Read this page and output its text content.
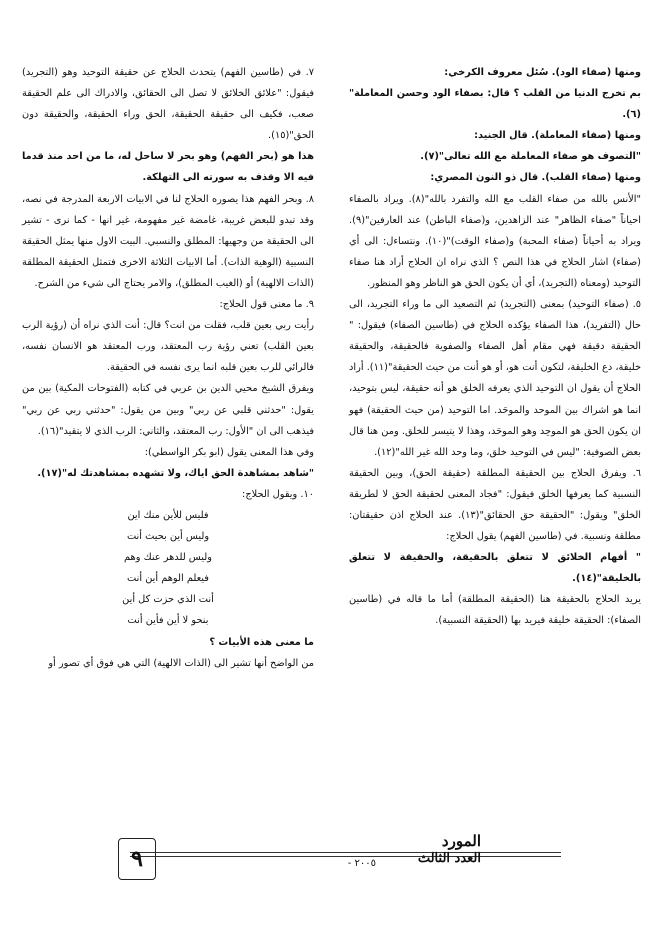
ومنها (صفاء الود). سُئل معروف الكرخي:

بم تخرج الدنيا من القلب ؟ قال: بصفاء الود وحسن المعاملة"(٦).

ومنها (صفاء المعاملة). قال الجنيد:

"التصوف هو صفاء المعاملة مع الله تعالى"(٧).

ومنها (صفاء القلب). قال ذو النون المصري:

"الأنس بالله من صفاء القلب مع الله والتفرد بالله"(٨). ويراد بالصفاء احياناً "صفاء الظاهر" عند الزاهدين، و(صفاء الباطن) عند العارفين"(٩). ويراد به أحياناً (صفاء المحبة) و(صفاء الوقت)"(١٠). ونتساءل: الى أي (صفاء) اشار الحلاج في هذا النص ؟ الذي نراه ان الحلاج أراد هنا صفاء التوحيد (ومعناه (التجريد)، أي أن يكون الحق هو الناظر وهو المنظور.

٥. (صفاء التوحيد) بمعنى (التجريد) ثم التصعيد الى ما وراء التجريد، الى حال (التفريد)، هذا الصفاء يؤكده الحلاج في (طاسين الصفاء) فيقول: " الحقيقة دقيقة فهي مقام أهل الصفاء والصفوية فالحقيقة، والحقيقة خليقة، دع الخليقة، لتكون أنت هو، أو هو أنت من حيث الحقيقة"(١١). أراد الحلاج أن يقول ان التوحيد الذي يعرفه الخلق هو أنه حقيقة، ليس بتوحيد، انما هو اشراك بين الموحد والموحَد. اما التوحيد (من حيث الحقيقة) فهو ان يكون الحق هو الموحِد وهو الموحَد، وهذا لا يتيسر للخلق. ومن هنا قال بعض الصوفية: "ليس في التوحيد خلق، وما وحد الله غير الله"(١٢).

٦. ويفرق الحلاج بين الحقيقة المطلقة (حقيقة الحق)، وبين الحقيقة النسبية كما يعرفها الخلق فيقول: "فجاد المعنى لحقيقة الحق لا لطريقة الخلق" ويقول: "الحقيقة حق الحقائق"(١٣). عند الحلاج اذن حقيقتان: مطلقة ونسبية. في (طاسين الفهم) يقول الحلاج:

" أفهام الخلائق لا تتعلق بالحقيقة، والحقيقة لا تتعلق بالخليقة"(١٤).

يريد الحلاج بالحقيقة هنا (الحقيقة المطلقة) أما ما قاله في (طاسين الصفاء): الحقيقة خليقة فيريد بها (الحقيقة النسبية).

٧. في (طاسين الفهم) يتحدث الحلاج عن حقيقة التوحيد وهو (التجريد) فيقول: "علائق الخلائق لا تصل الى الحقائق، والادراك الى علم الحقيقة صعب، فكيف الى حقيقة الحقيقة، الحق وراء الحقيقة، والحقيقة دون الحق"(١٥).

هذا هو (بحر الفهم) وهو بحر لا ساحل له، ما من احد منذ قدما فيه الا وقذف به سورته الى التهلكة.

٨. وبحر الفهم هذا يصوره الحلاج لنا في الابيات الاربعة المدرجة في نصه، وقد تبدو للبعض غريبة، غامضة غير مفهومة، غير انها - كما نرى - تشير الى الحقيقة من وجهيها: المطلق والنسبي. البيت الاول منها يمثل الحقيقة النسبية (الوهية الذات). أما الابيات الثلاثة الاخرى فتمثل الحقيقة المطلقة (الذات الالهية) أو (الغيب المطلق)، والامر يحتاج الى شيء من الشرح.

٩. ما معنى قول الحلاج:

رأيت ربي بعين قلب، فقلت من انت؟ قال: أنت الذي نراه أن (رؤية الرب بعين القلب) تعني رؤية رب المعتقد، ورب المعتقد هو الانسان نفسه، فالرائي للرب بعين قلبه انما يرى نفسه في الحقيقة.

ويفرق الشيخ محيي الدين بن عربي في كتابه (الفتوحات المكية) بين من يقول: "حدثني قلبي عن ربي" وبين من يقول: "حدثني ربي عن ربي" فيذهب الى ان "الأول: رب المعتقد، والثاني: الرب الذي لا يتقيد"(١٦).

وفي هذا المعنى يقول (ابو بكر الواسطي):

"شاهد بمشاهدة الحق اياك، ولا تشهده بمشاهدتك له"(١٧).

١٠. ويقول الحلاج:

فليس للأين منك اين

وليس أين بحيث أنت

وليس للدهر عنك وهم

فيعلم الوهم أين أنت

أنت الذي حزت كل أين

بنحو لا أين فأين أنت

ما معنى هذه الأبيات ؟

من الواضح أنها تشير الى (الذات الالهية) التي هي فوق أي تصور أو

٩
المورد
العدد الثالث
٢٠٠٥ -
